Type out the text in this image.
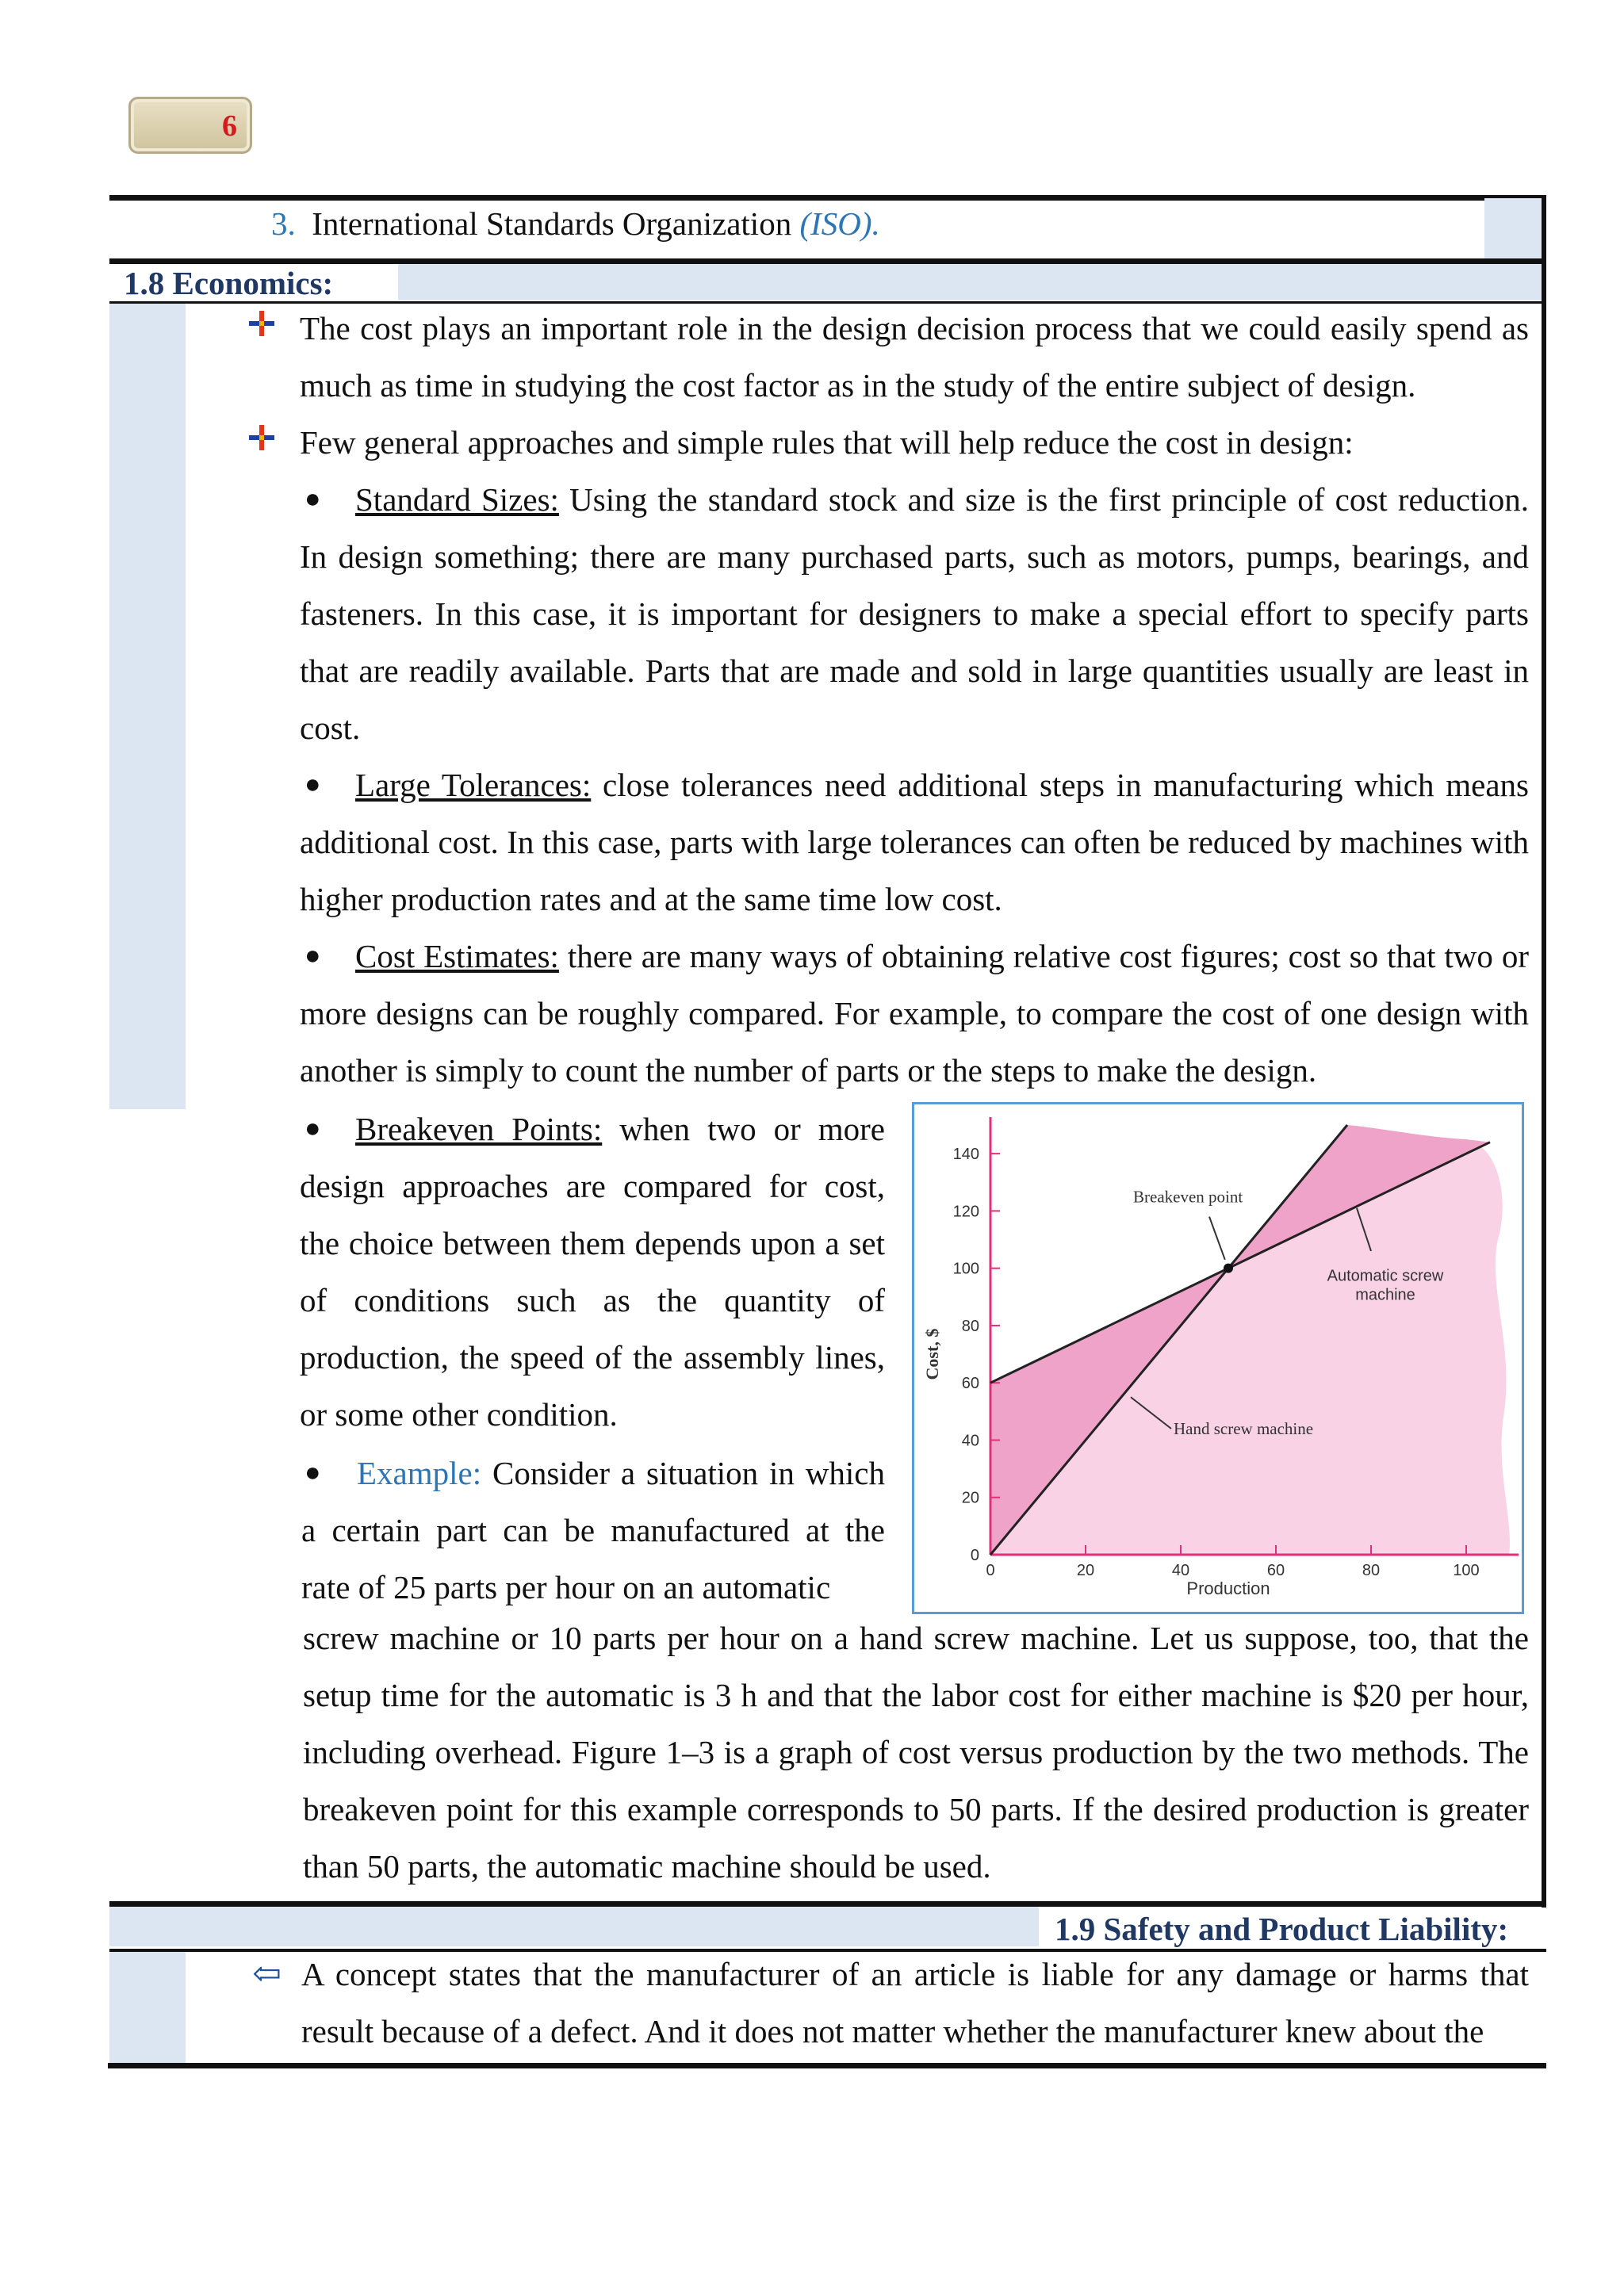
6
3. International Standards Organization (ISO).
1.8 Economics:
The cost plays an important role in the design decision process that we could easily spend as much as time in studying the cost factor as in the study of the entire subject of design.
Few general approaches and simple rules that will help reduce the cost in design:
●	Standard Sizes: Using the standard stock and size is the first principle of cost reduction. In design something; there are many purchased parts, such as motors, pumps, bearings, and fasteners. In this case, it is important for designers to make a special effort to specify parts that are readily available. Parts that are made and sold in large quantities usually are least in cost.
●	Large Tolerances: close tolerances need additional steps in manufacturing which means additional cost. In this case, parts with large tolerances can often be reduced by machines with higher production rates and at the same time low cost.
●	Cost Estimates: there are many ways of obtaining relative cost figures; cost so that two or more designs can be roughly compared. For example, to compare the cost of one design with another is simply to count the number of parts or the steps to make the design.
●	Breakeven Points: when two or more design approaches are compared for cost, the choice between them depends upon a set of conditions such as the quantity of production, the speed of the assembly lines, or some other condition.
●	Example: Consider a situation in which a certain part can be manufactured at the rate of 25 parts per hour on an automatic
screw machine or 10 parts per hour on a hand screw machine. Let us suppose, too, that the setup time for the automatic is 3 h and that the labor cost for either machine is $20 per hour, including overhead. Figure 1–3 is a graph of cost versus production by the two methods. The breakeven point for this example corresponds to 50 parts. If the desired production is greater than 50 parts, the automatic machine should be used.
0
20
40
60
80
100
120
140
0	20	40	60	80	100
Production
Cost, $
Breakeven point
Hand screw machine
Automatic screw
machine
1.9 Safety and Product Liability:
⇦ A concept states that the manufacturer of an article is liable for any damage or harms that result because of a defect. And it does not matter whether the manufacturer knew about the
